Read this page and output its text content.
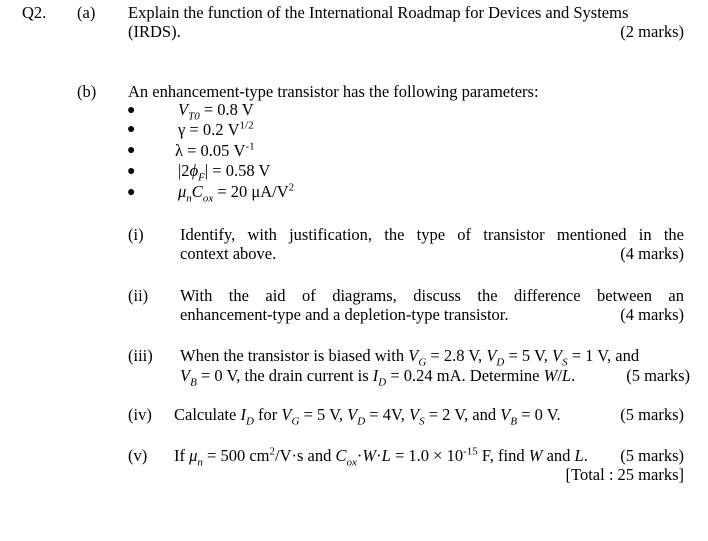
Q2. (a) Explain the function of the International Roadmap for Devices and Systems
(IRDS).	(2 marks)
(b) An enhancement-type transistor has the following parameters:
●
●
●
●
●
$V_{T0} = 0.8$ V
γ = 0.2 $V^{1/2}$
λ = 0.05 $V^{-1}$
$|2\phi_F| = 0.58$ V
$\mu_nC_{ox} = 20$ $\mu A/V^2$
(i) Identify, with justification, the type of transistor mentioned in the
context above.	(4 marks)
(ii) With the aid of diagrams, discuss the difference between an
enhancement-type and a depletion-type transistor.	(4 marks)
(iii) When the transistor is biased with $V_G = 2.8$ V, $V_D = 5$ V, $V_S = 1$ V, and
$V_B = 0$ V, the drain current is $I_D = 0.24$ mA. Determine W/L.	(5 marks)
(iv) Calculate $I_D$ for $V_G = 5$ V, $V_D = 4V$, $V_S = 2$ V, and $V_B = 0$ V.	(5 marks)
(v) If $\mu_n = 500$ $cm^2/V\cdot s$ and $C_{ox}\cdot W\cdot L = 1.0 \times 10^{-15}$ F, find W and L. (5 marks)
[Total : 25 marks]
